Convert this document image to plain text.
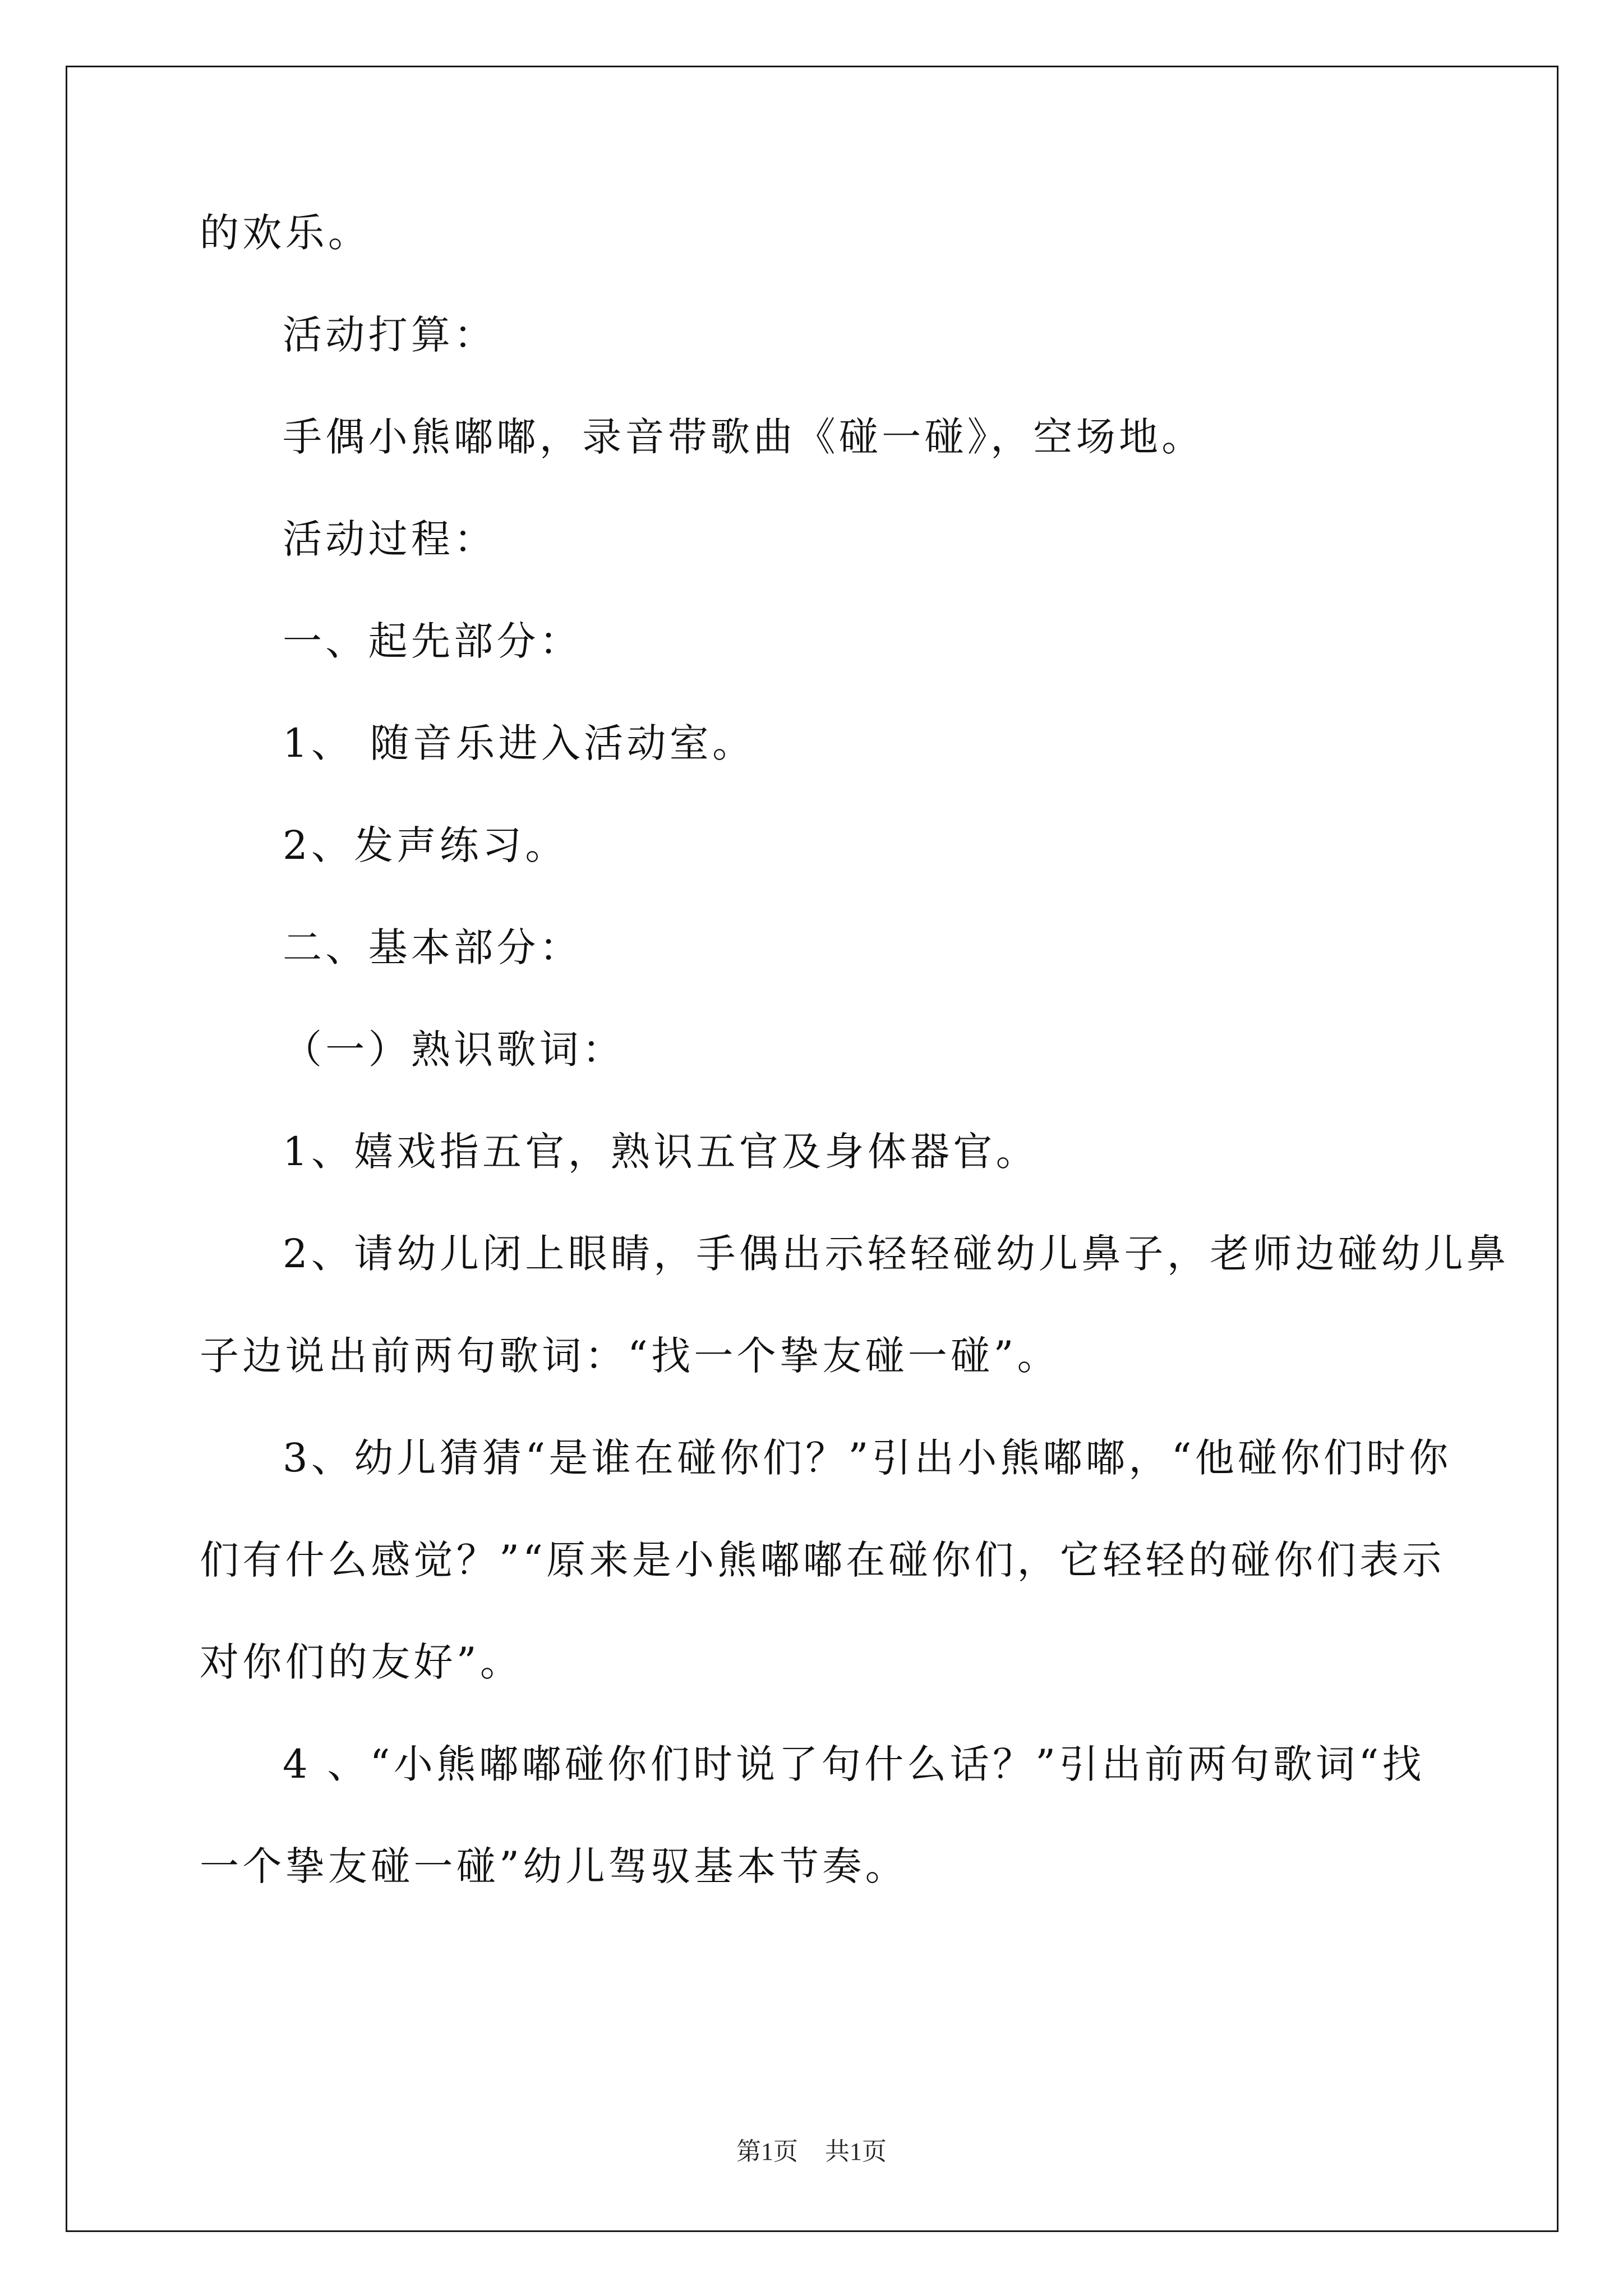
的欢乐。

活动打算：

手偶小熊嘟嘟，录音带歌曲《碰一碰》，空场地。

活动过程：

一、起先部分：

1、 随音乐进入活动室。

2、发声练习。

二、基本部分：

（一）熟识歌词：

1、嬉戏指五官，熟识五官及身体器官。

2、请幼儿闭上眼睛，手偶出示轻轻碰幼儿鼻子，老师边碰幼儿鼻

子边说出前两句歌词：“找一个挚友碰一碰”。

3、幼儿猜猜“是谁在碰你们？”引出小熊嘟嘟，“他碰你们时你

们有什么感觉？”“原来是小熊嘟嘟在碰你们，它轻轻的碰你们表示

对你们的友好”。

4 、“小熊嘟嘟碰你们时说了句什么话？”引出前两句歌词“找

一个挚友碰一碰”幼儿驾驭基本节奏。

第1页 共1页
